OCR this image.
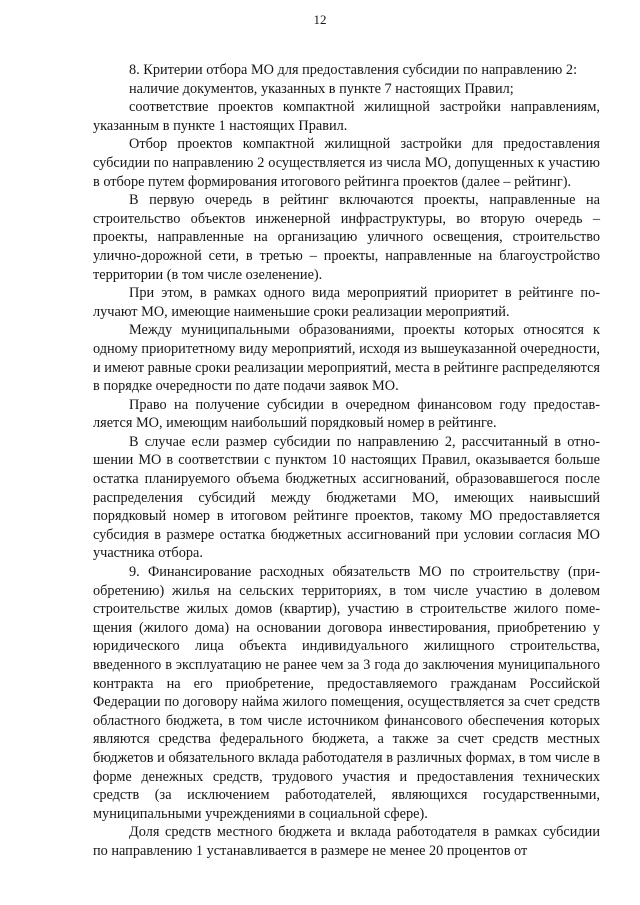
12

8. Критерии отбора МО для предоставления субсидии по направлению 2:

наличие документов, указанных в пункте 7 настоящих Правил;

соответствие проектов компактной жилищной застройки направлениям, указанным в пункте 1 настоящих Правил.

Отбор проектов компактной жилищной застройки для предоставления субсидии по направлению 2 осуществляется из числа МО, допущенных к участию в отборе путем формирования итогового рейтинга проектов (далее – рейтинг).

В первую очередь в рейтинг включаются проекты, направленные на строительство объектов инженерной инфраструктуры, во вторую очередь – проекты, направленные на организацию уличного освещения, строительство улично-дорожной сети, в третью – проекты, направленные на благоустройство территории (в том числе озеленение).

При этом, в рамках одного вида мероприятий приоритет в рейтинге получают МО, имеющие наименьшие сроки реализации мероприятий.

Между муниципальными образованиями, проекты которых относятся к одному приоритетному виду мероприятий, исходя из вышеуказанной очередности, и имеют равные сроки реализации мероприятий, места в рейтинге распределяются в порядке очередности по дате подачи заявок МО.

Право на получение субсидии в очередном финансовом году предоставляется МО, имеющим наибольший порядковый номер в рейтинге.

В случае если размер субсидии по направлению 2, рассчитанный в отношении МО в соответствии с пунктом 10 настоящих Правил, оказывается больше остатка планируемого объема бюджетных ассигнований, образовавшегося после распределения субсидий между бюджетами МО, имеющих наивысший порядковый номер в итоговом рейтинге проектов, такому МО предоставляется субсидия в размере остатка бюджетных ассигнований при условии согласия МО участника отбора.

9. Финансирование расходных обязательств МО по строительству (приобретению) жилья на сельских территориях, в том числе участию в долевом строительстве жилых домов (квартир), участию в строительстве жилого помещения (жилого дома) на основании договора инвестирования, приобретению у юридического лица объекта индивидуального жилищного строительства, введенного в эксплуатацию не ранее чем за 3 года до заключения муниципального контракта на его приобретение, предоставляемого гражданам Российской Федерации по договору найма жилого помещения, осуществляется за счет средств областного бюджета, в том числе источником финансового обеспечения которых являются средства федерального бюджета, а также за счет средств местных бюджетов и обязательного вклада работодателя в различных формах, в том числе в форме денежных средств, трудового участия и предоставления технических средств (за исключением работодателей, являющихся государственными, муниципальными учреждениями в социальной сфере).

Доля средств местного бюджета и вклада работодателя в рамках субсидии по направлению 1 устанавливается в размере не менее 20 процентов от
